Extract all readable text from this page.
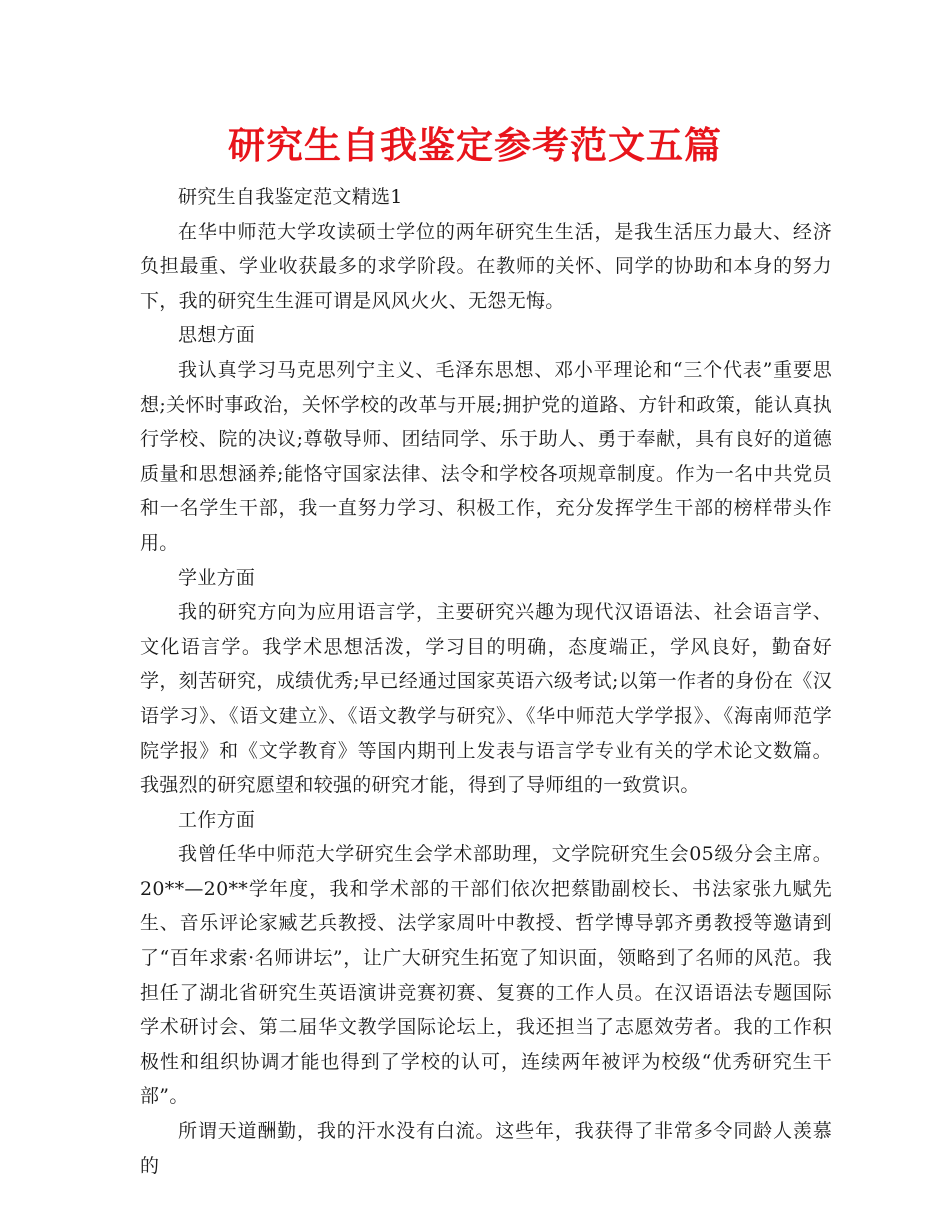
研究生自我鉴定参考范文五篇

研究生自我鉴定范文精选1

在华中师范大学攻读硕士学位的两年研究生生活，是我生活压力最大、经济负担最重、学业收获最多的求学阶段。在教师的关怀、同学的协助和本身的努力下，我的研究生生涯可谓是风风火火、无怨无悔。

思想方面

我认真学习马克思列宁主义、毛泽东思想、邓小平理论和“三个代表”重要思想;关怀时事政治，关怀学校的改革与开展;拥护党的道路、方针和政策，能认真执行学校、院的决议;尊敬导师、团结同学、乐于助人、勇于奉献，具有良好的道德质量和思想涵养;能恪守国家法律、法令和学校各项规章制度。作为一名中共党员和一名学生干部，我一直努力学习、积极工作，充分发挥学生干部的榜样带头作用。

学业方面

我的研究方向为应用语言学，主要研究兴趣为现代汉语语法、社会语言学、文化语言学。我学术思想活泼，学习目的明确，态度端正，学风良好，勤奋好学，刻苦研究，成绩优秀;早已经通过国家英语六级考试;以第一作者的身份在《汉语学习》、《语文建立》、《语文教学与研究》、《华中师范大学学报》、《海南师范学院学报》和《文学教育》等国内期刊上发表与语言学专业有关的学术论文数篇。我强烈的研究愿望和较强的研究才能，得到了导师组的一致赏识。

工作方面

我曾任华中师范大学研究生会学术部助理，文学院研究生会05级分会主席。20**—20**学年度，我和学术部的干部们依次把蔡勖副校长、书法家张九赋先生、音乐评论家臧艺兵教授、法学家周叶中教授、哲学博导郭齐勇教授等邀请到了“百年求索·名师讲坛”，让广大研究生拓宽了知识面，领略到了名师的风范。我担任了湖北省研究生英语演讲竞赛初赛、复赛的工作人员。在汉语语法专题国际学术研讨会、第二届华文教学国际论坛上，我还担当了志愿效劳者。我的工作积极性和组织协调才能也得到了学校的认可，连续两年被评为校级“优秀研究生干部”。

所谓天道酬勤，我的汗水没有白流。这些年，我获得了非常多令同龄人羡慕的
